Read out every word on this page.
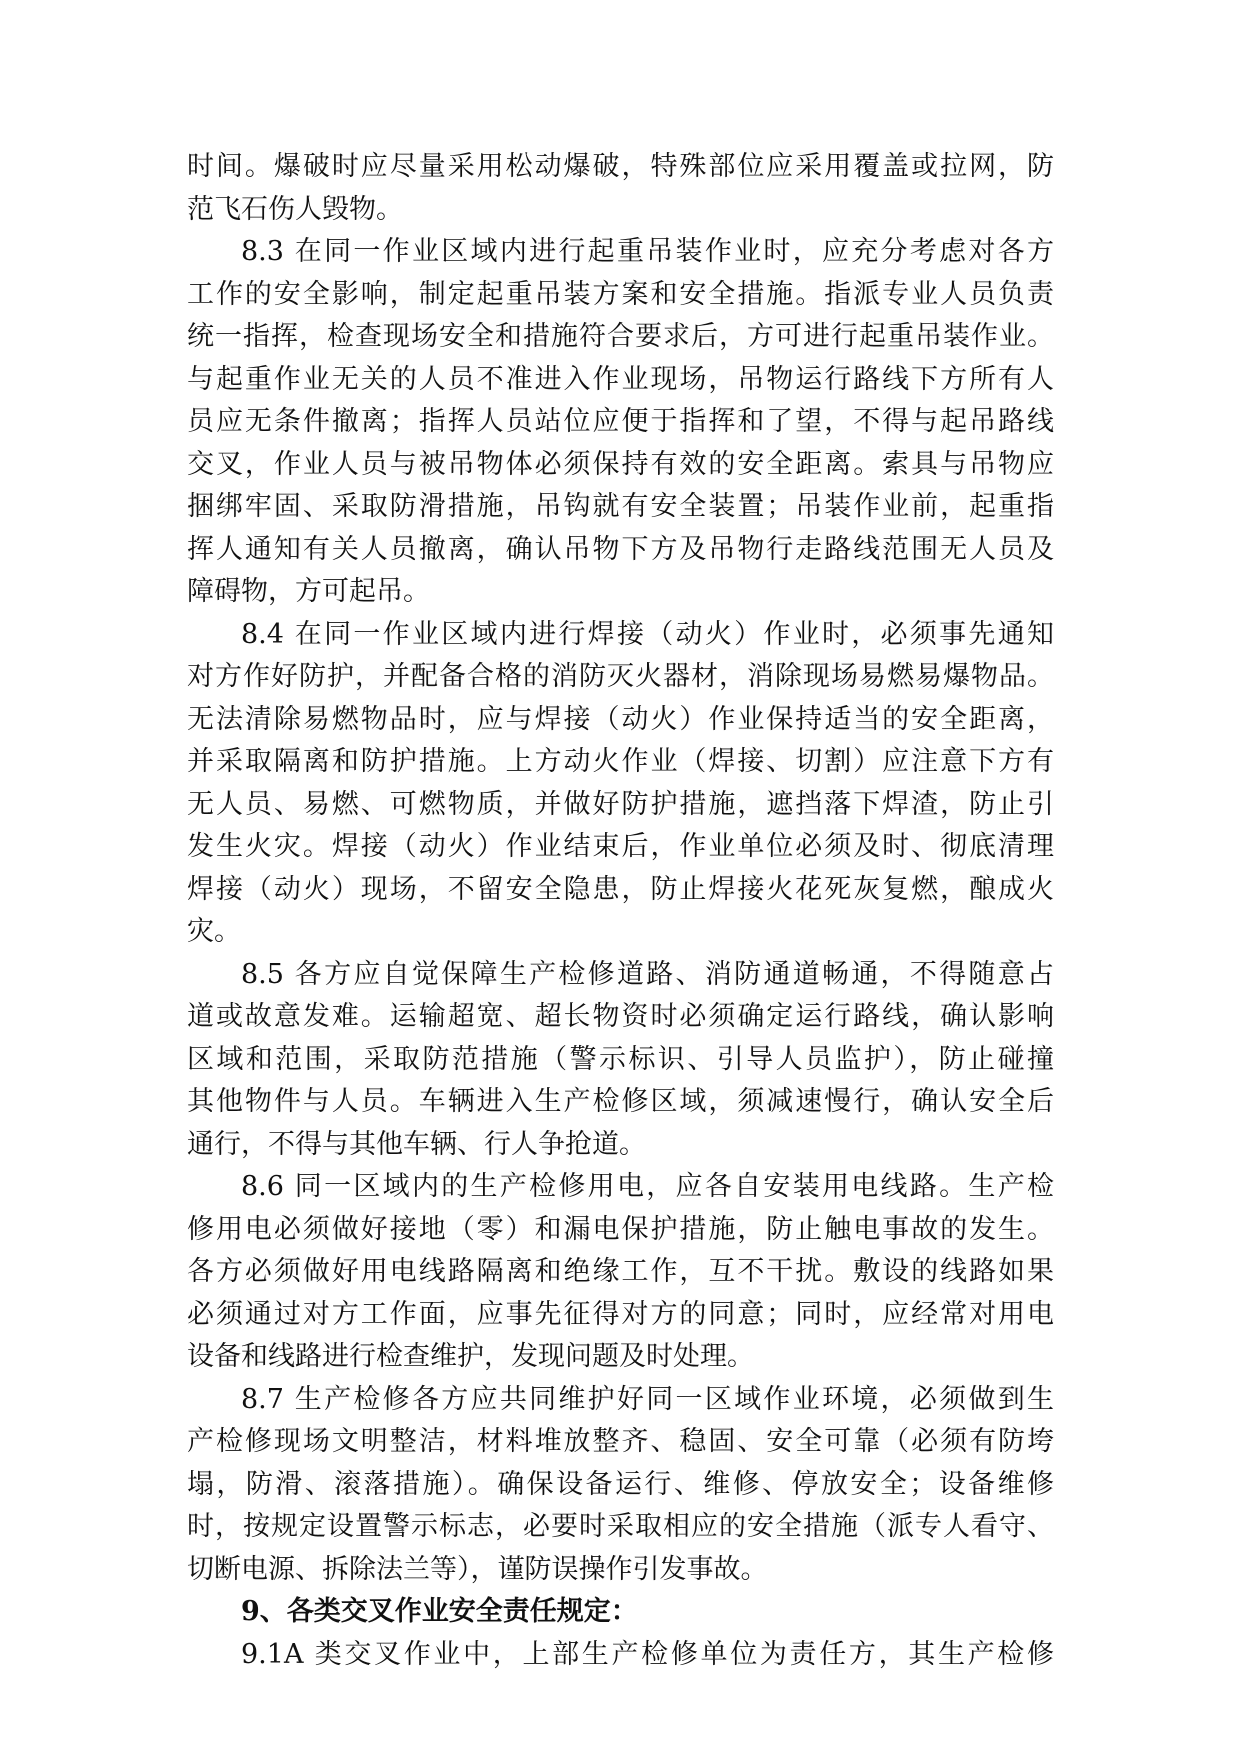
时间。爆破时应尽量采用松动爆破，特殊部位应采用覆盖或拉网，防
范飞石伤人毁物。
8.3 在同一作业区域内进行起重吊装作业时，应充分考虑对各方
工作的安全影响，制定起重吊装方案和安全措施。指派专业人员负责
统一指挥，检查现场安全和措施符合要求后，方可进行起重吊装作业。
与起重作业无关的人员不准进入作业现场，吊物运行路线下方所有人
员应无条件撤离；指挥人员站位应便于指挥和了望，不得与起吊路线
交叉，作业人员与被吊物体必须保持有效的安全距离。索具与吊物应
捆绑牢固、采取防滑措施，吊钩就有安全装置；吊装作业前，起重指
挥人通知有关人员撤离，确认吊物下方及吊物行走路线范围无人员及
障碍物，方可起吊。
8.4 在同一作业区域内进行焊接（动火）作业时，必须事先通知
对方作好防护，并配备合格的消防灭火器材，消除现场易燃易爆物品。
无法清除易燃物品时，应与焊接（动火）作业保持适当的安全距离，
并采取隔离和防护措施。上方动火作业（焊接、切割）应注意下方有
无人员、易燃、可燃物质，并做好防护措施，遮挡落下焊渣，防止引
发生火灾。焊接（动火）作业结束后，作业单位必须及时、彻底清理
焊接（动火）现场，不留安全隐患，防止焊接火花死灰复燃，酿成火
灾。
8.5 各方应自觉保障生产检修道路、消防通道畅通，不得随意占
道或故意发难。运输超宽、超长物资时必须确定运行路线，确认影响
区域和范围，采取防范措施（警示标识、引导人员监护），防止碰撞
其他物件与人员。车辆进入生产检修区域，须减速慢行，确认安全后
通行，不得与其他车辆、行人争抢道。
8.6 同一区域内的生产检修用电，应各自安装用电线路。生产检
修用电必须做好接地（零）和漏电保护措施，防止触电事故的发生。
各方必须做好用电线路隔离和绝缘工作，互不干扰。敷设的线路如果
必须通过对方工作面，应事先征得对方的同意；同时，应经常对用电
设备和线路进行检查维护，发现问题及时处理。
8.7 生产检修各方应共同维护好同一区域作业环境，必须做到生
产检修现场文明整洁，材料堆放整齐、稳固、安全可靠（必须有防垮
塌，防滑、滚落措施）。确保设备运行、维修、停放安全；设备维修
时，按规定设置警示标志，必要时采取相应的安全措施（派专人看守、
切断电源、拆除法兰等），谨防误操作引发事故。
9、各类交叉作业安全责任规定：
9.1A 类交叉作业中，上部生产检修单位为责任方，其生产检修
